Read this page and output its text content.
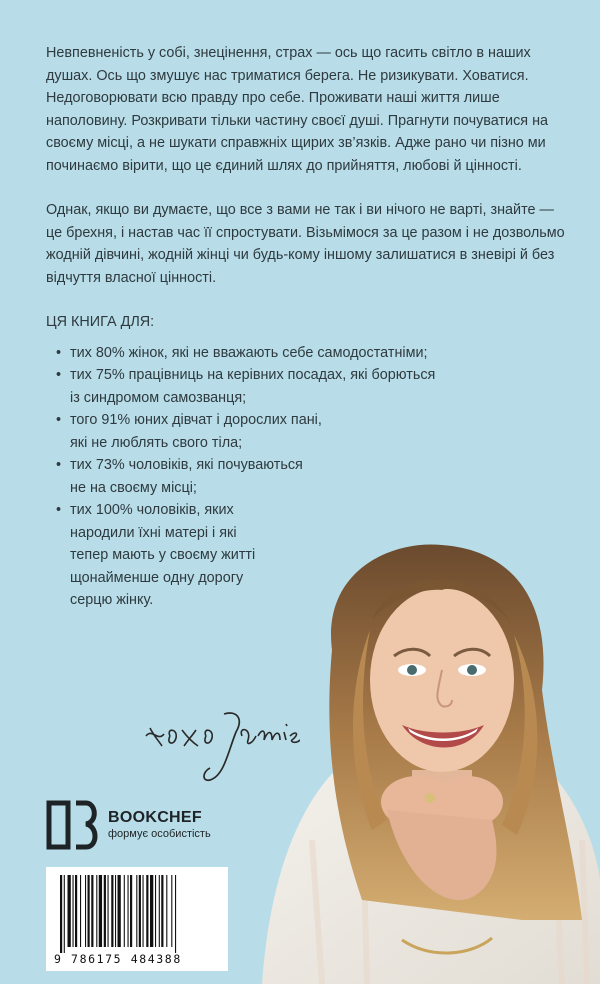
Невпевненість у собі, знецінення, страх — ось що гасить світло в наших душах. Ось що змушує нас триматися берега. Не ризикувати. Ховатися. Недоговорювати всю правду про себе. Проживати наші життя лише наполовину. Розкривати тільки частину своєї душі. Прагнути почуватися на своєму місці, а не шукати справжніх щирих зв’язків. Адже рано чи пізно ми починаємо вірити, що це єдиний шлях до прийняття, любові й цінності.

Однак, якщо ви думаєте, що все з вами не так і ви нічого не варті, знайте — це брехня, і настав час її спростувати. Візьмімося за це разом і не дозвольмо жодній дівчині, жодній жінці чи будь-кому іншому залишатися в зневірі й без відчуття власної цінності.

ЦЯ КНИГА ДЛЯ:

• тих 80% жінок, які не вважають себе самодостатніми;
• тих 75% працівниць на керівних посадах, які борються
із синдромом самозванця;
• того 91% юних дівчат і дорослих пані,
які не люблять свого тіла;
• тих 73% чоловіків, які почуваються
не на своєму місці;
• тих 100% чоловіків, яких
народили їхні матері і які
тепер мають у своєму житті
щонайменше одну дорогу
серцю жінку.
BOOKCHEF
формує особистість
9 786175 484388
